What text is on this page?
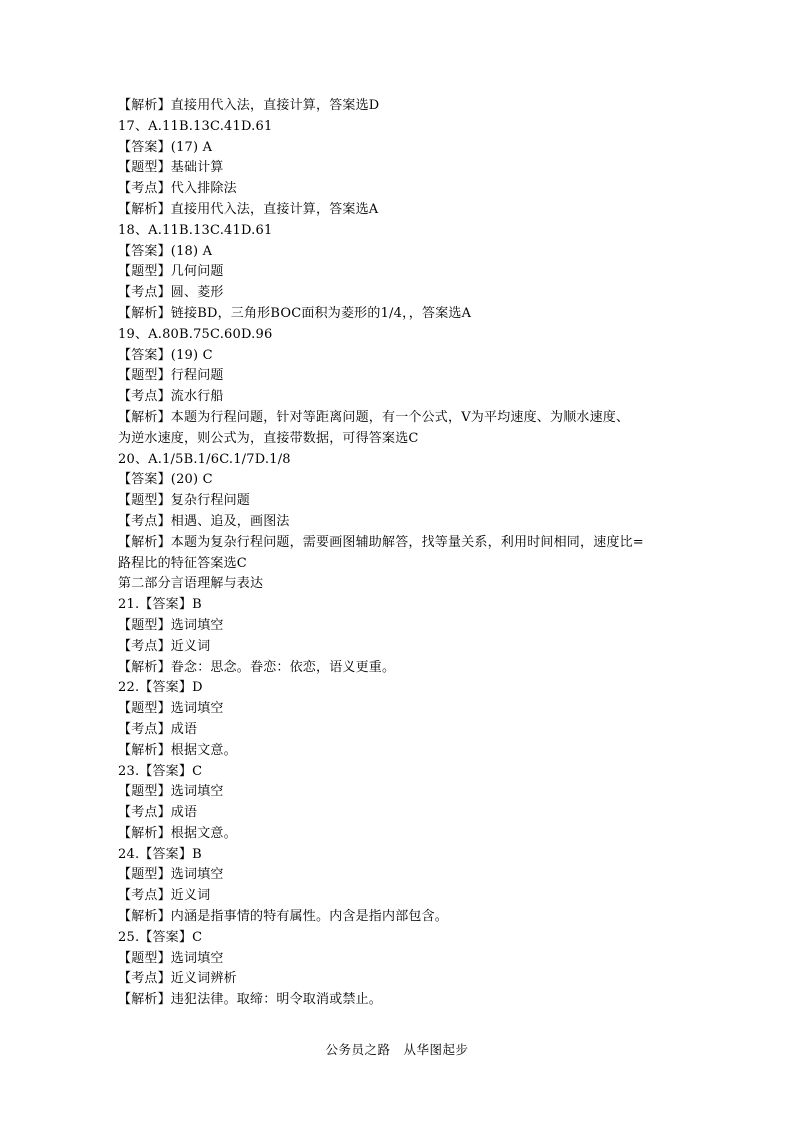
【解析】直接用代入法，直接计算，答案选D
17、A.11B.13C.41D.61
【答案】(17) A
【题型】基础计算
【考点】代入排除法
【解析】直接用代入法，直接计算，答案选A
18、A.11B.13C.41D.61
【答案】(18) A
【题型】几何问题
【考点】圆、菱形
【解析】链接BD，三角形BOC面积为菱形的1/4，，答案选A
19、A.80B.75C.60D.96
【答案】(19) C
【题型】行程问题
【考点】流水行船
【解析】本题为行程问题，针对等距离问题，有一个公式，V为平均速度、为顺水速度、
为逆水速度，则公式为，直接带数据，可得答案选C
20、A.1/5B.1/6C.1/7D.1/8
【答案】(20) C
【题型】复杂行程问题
【考点】相遇、追及，画图法
【解析】本题为复杂行程问题，需要画图辅助解答，找等量关系，利用时间相同，速度比=
路程比的特征答案选C
第二部分言语理解与表达
21.【答案】B
【题型】选词填空
【考点】近义词
【解析】眷念：思念。眷恋：依恋，语义更重。
22.【答案】D
【题型】选词填空
【考点】成语
【解析】根据文意。
23.【答案】C
【题型】选词填空
【考点】成语
【解析】根据文意。
24.【答案】B
【题型】选词填空
【考点】近义词
【解析】内涵是指事情的特有属性。内含是指内部包含。
25.【答案】C
【题型】选词填空
【考点】近义词辨析
【解析】违犯法律。取缔：明令取消或禁止。
公务员之路　从华图起步
